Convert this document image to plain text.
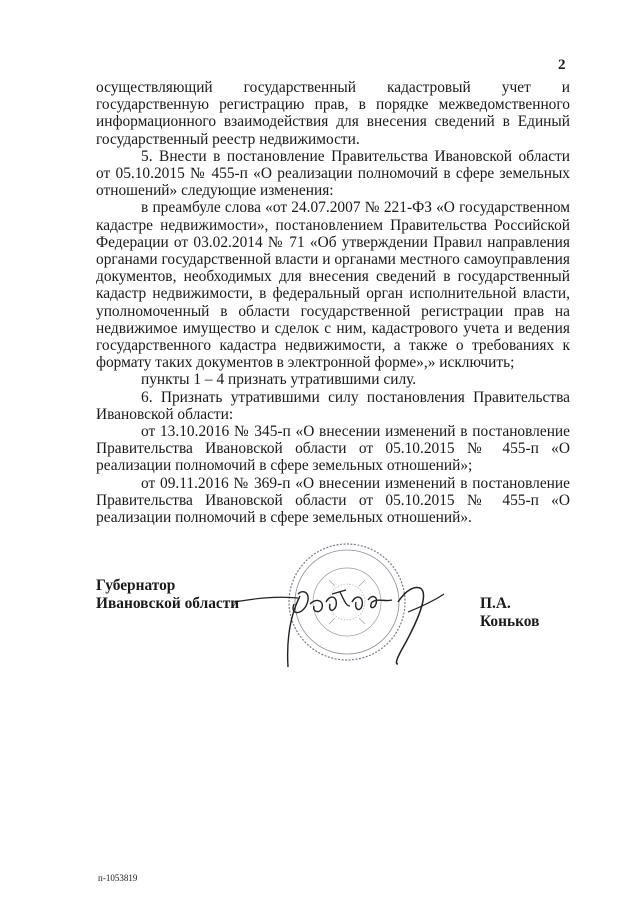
2

осуществляющий государственный кадастровый учет и государственную регистрацию прав, в порядке межведомственного информационного взаимодействия для внесения сведений в Единый государственный реестр недвижимости.

5. Внести в постановление Правительства Ивановской области от 05.10.2015 № 455-п «О реализации полномочий в сфере земельных отношений» следующие изменения:

в преамбуле слова «от 24.07.2007 № 221-ФЗ «О государственном кадастре недвижимости», постановлением Правительства Российской Федерации от 03.02.2014 № 71 «Об утверждении Правил направления органами государственной власти и органами местного самоуправления документов, необходимых для внесения сведений в государственный кадастр недвижимости, в федеральный орган исполнительной власти, уполномоченный в области государственной регистрации прав на недвижимое имущество и сделок с ним, кадастрового учета и ведения государственного кадастра недвижимости, а также о требованиях к формату таких документов в электронной форме»,» исключить;

пункты 1 – 4 признать утратившими силу.

6. Признать утратившими силу постановления Правительства Ивановской области:

от 13.10.2016 № 345-п «О внесении изменений в постановление Правительства Ивановской области от 05.10.2015 № 455-п «О реализации полномочий в сфере земельных отношений»;

от 09.11.2016 № 369-п «О внесении изменений в постановление Правительства Ивановской области от 05.10.2015 № 455-п «О реализации полномочий в сфере земельных отношений».

Губернатор
Ивановской области	П.А. Коньков
п-1053819
